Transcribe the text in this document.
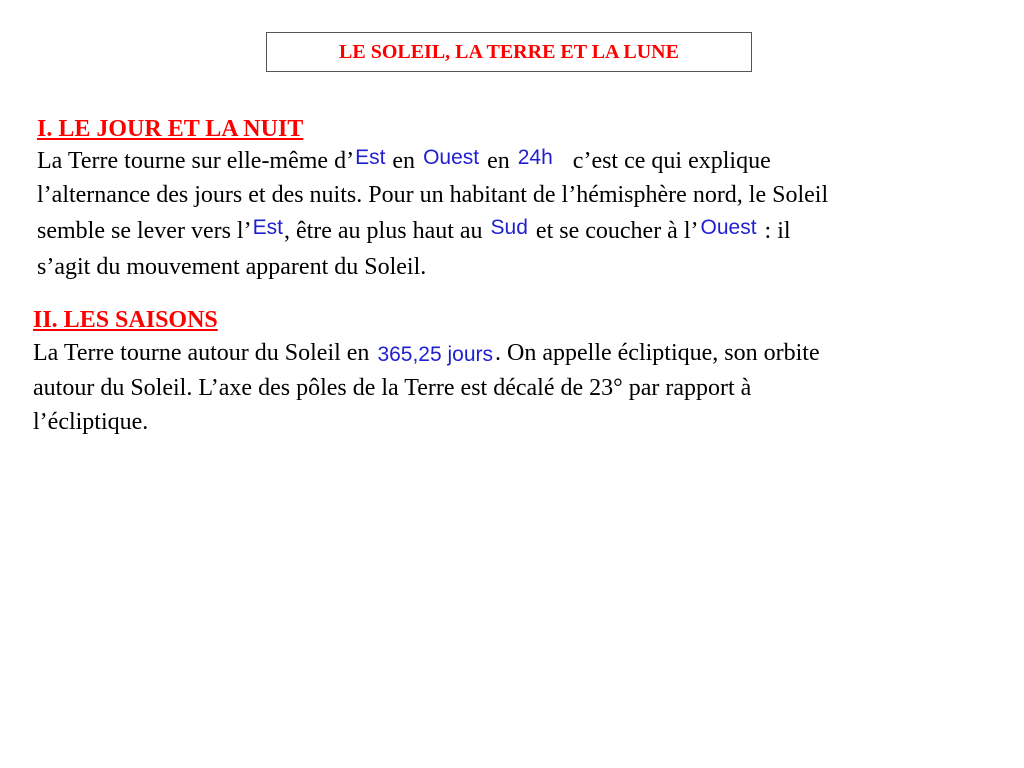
LE SOLEIL, LA TERRE ET LA LUNE
I. LE JOUR ET LA NUIT
La Terre tourne sur elle-même d’Est en Ouest en 24h c’est ce qui explique
l’alternance des jours et des nuits. Pour un habitant de l’hémisphère nord, le Soleil
semble se lever vers l’Est, être au plus haut au Sud et se coucher à l’Ouest : il
s’agit du mouvement apparent du Soleil.
II. LES SAISONS
La Terre tourne autour du Soleil en 365,25 jours. On appelle écliptique, son orbite
autour du Soleil. L’axe des pôles de la Terre est décalé de 23° par rapport à
l’écliptique.
